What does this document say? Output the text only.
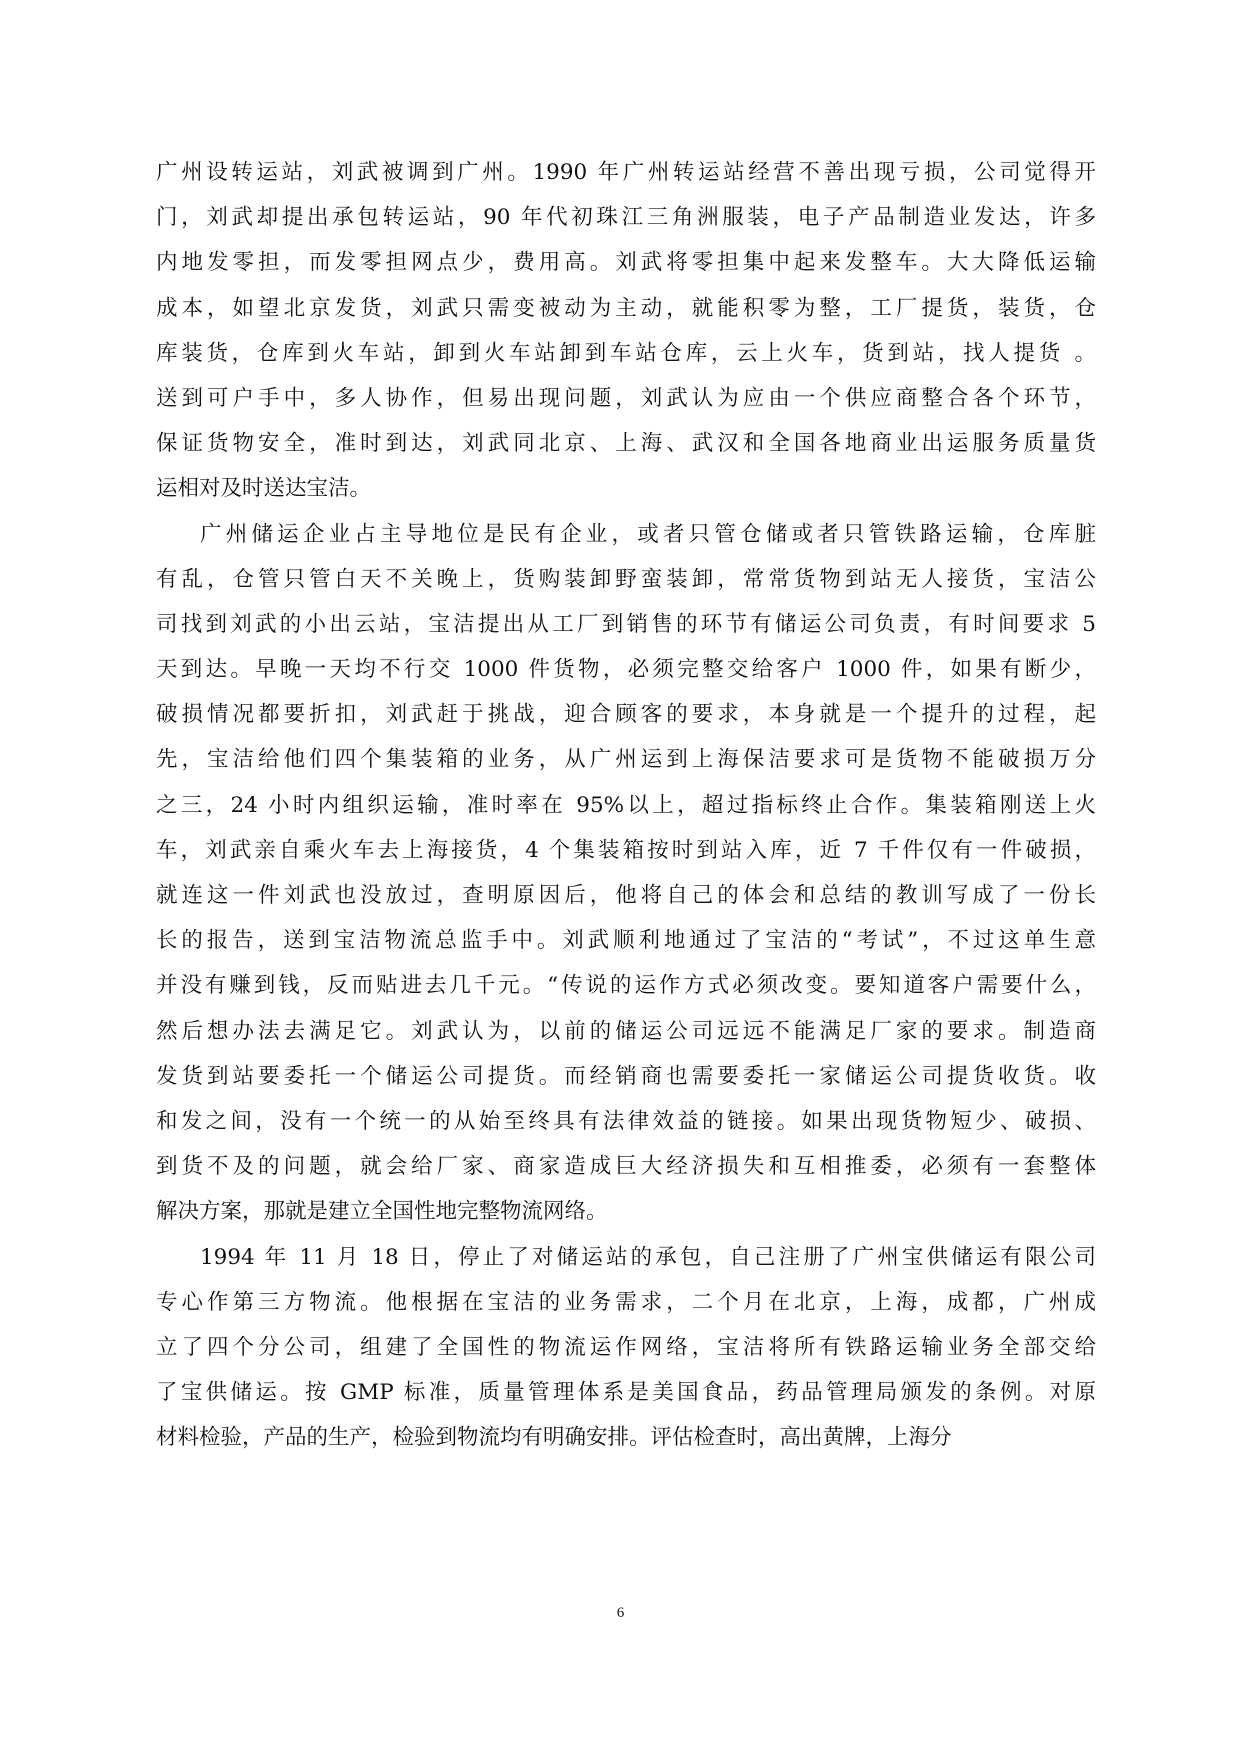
广州设转运站，刘武被调到广州。1990 年广州转运站经营不善出现亏损，公司觉得开
门，刘武却提出承包转运站，90 年代初珠江三角洲服装，电子产品制造业发达，许多
内地发零担，而发零担网点少，费用高。刘武将零担集中起来发整车。大大降低运输
成本，如望北京发货，刘武只需变被动为主动，就能积零为整，工厂提货，装货，仓
库装货，仓库到火车站，卸到火车站卸到车站仓库，云上火车，货到站，找人提货 。
送到可户手中，多人协作，但易出现问题，刘武认为应由一个供应商整合各个环节，
保证货物安全，准时到达，刘武同北京、上海、武汉和全国各地商业出运服务质量货
运相对及时送达宝洁。
广州储运企业占主导地位是民有企业，或者只管仓储或者只管铁路运输，仓库脏
有乱，仓管只管白天不关晚上，货购装卸野蛮装卸，常常货物到站无人接货，宝洁公
司找到刘武的小出云站，宝洁提出从工厂到销售的环节有储运公司负责，有时间要求 5
天到达。早晚一天均不行交 1000 件货物，必须完整交给客户 1000 件，如果有断少，
破损情况都要折扣，刘武赶于挑战，迎合顾客的要求，本身就是一个提升的过程，起
先，宝洁给他们四个集装箱的业务，从广州运到上海保洁要求可是货物不能破损万分
之三，24 小时内组织运输，准时率在 95%以上，超过指标终止合作。集装箱刚送上火
车，刘武亲自乘火车去上海接货，4 个集装箱按时到站入库，近 7 千件仅有一件破损，
就连这一件刘武也没放过，查明原因后，他将自己的体会和总结的教训写成了一份长
长的报告，送到宝洁物流总监手中。刘武顺利地通过了宝洁的“考试”，不过这单生意
并没有赚到钱，反而贴进去几千元。“传说的运作方式必须改变。要知道客户需要什么，
然后想办法去满足它。刘武认为，以前的储运公司远远不能满足厂家的要求。制造商
发货到站要委托一个储运公司提货。而经销商也需要委托一家储运公司提货收货。收
和发之间，没有一个统一的从始至终具有法律效益的链接。如果出现货物短少、破损、
到货不及的问题，就会给厂家、商家造成巨大经济损失和互相推委，必须有一套整体
解决方案，那就是建立全国性地完整物流网络。
1994 年 11 月 18 日，停止了对储运站的承包，自己注册了广州宝供储运有限公司
专心作第三方物流。他根据在宝洁的业务需求，二个月在北京，上海，成都，广州成
立了四个分公司，组建了全国性的物流运作网络，宝洁将所有铁路运输业务全部交给
了宝供储运。按 GMP 标准，质量管理体系是美国食品，药品管理局颁发的条例。对原
材料检验，产品的生产，检验到物流均有明确安排。评估检查时，高出黄牌，上海分
6
